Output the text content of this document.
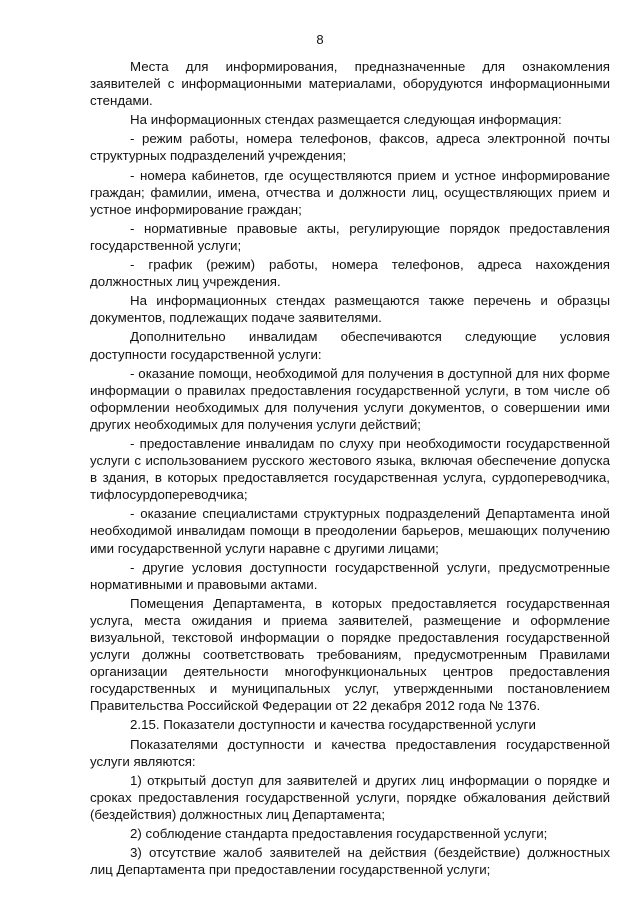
8

Места для информирования, предназначенные для ознакомления заявителей с информационными материалами, оборудуются информационными стендами.

На информационных стендах размещается следующая информация:

- режим работы, номера телефонов, факсов, адреса электронной почты структурных подразделений учреждения;

- номера кабинетов, где осуществляются прием и устное информирование граждан; фамилии, имена, отчества и должности лиц, осуществляющих прием и устное информирование граждан;

- нормативные правовые акты, регулирующие порядок предоставления государственной услуги;

- график (режим) работы, номера телефонов, адреса нахождения должностных лиц учреждения.

На информационных стендах размещаются также перечень и образцы документов, подлежащих подаче заявителями.

Дополнительно инвалидам обеспечиваются следующие условия доступности государственной услуги:

- оказание помощи, необходимой для получения в доступной для них форме информации о правилах предоставления государственной услуги, в том числе об оформлении необходимых для получения услуги документов, о совершении ими других необходимых для получения услуги действий;

- предоставление инвалидам по слуху при необходимости государственной услуги с использованием русского жестового языка, включая обеспечение допуска в здания, в которых предоставляется государственная услуга, сурдопереводчика, тифлосурдопереводчика;

- оказание специалистами структурных подразделений Департамента иной необходимой инвалидам помощи в преодолении барьеров, мешающих получению ими государственной услуги наравне с другими лицами;

- другие условия доступности государственной услуги, предусмотренные нормативными и правовыми актами.

Помещения Департамента, в которых предоставляется государственная услуга, места ожидания и приема заявителей, размещение и оформление визуальной, текстовой информации о порядке предоставления государственной услуги должны соответствовать требованиям, предусмотренным Правилами организации деятельности многофункциональных центров предоставления государственных и муниципальных услуг, утвержденными постановлением Правительства Российской Федерации от 22 декабря 2012 года № 1376.

2.15. Показатели доступности и качества государственной услуги

Показателями доступности и качества предоставления государственной услуги являются:

1) открытый доступ для заявителей и других лиц информации о порядке и сроках предоставления государственной услуги, порядке обжалования действий (бездействия) должностных лиц Департамента;

2) соблюдение стандарта предоставления государственной услуги;

3) отсутствие жалоб заявителей на действия (бездействие) должностных лиц Департамента при предоставлении государственной услуги;
